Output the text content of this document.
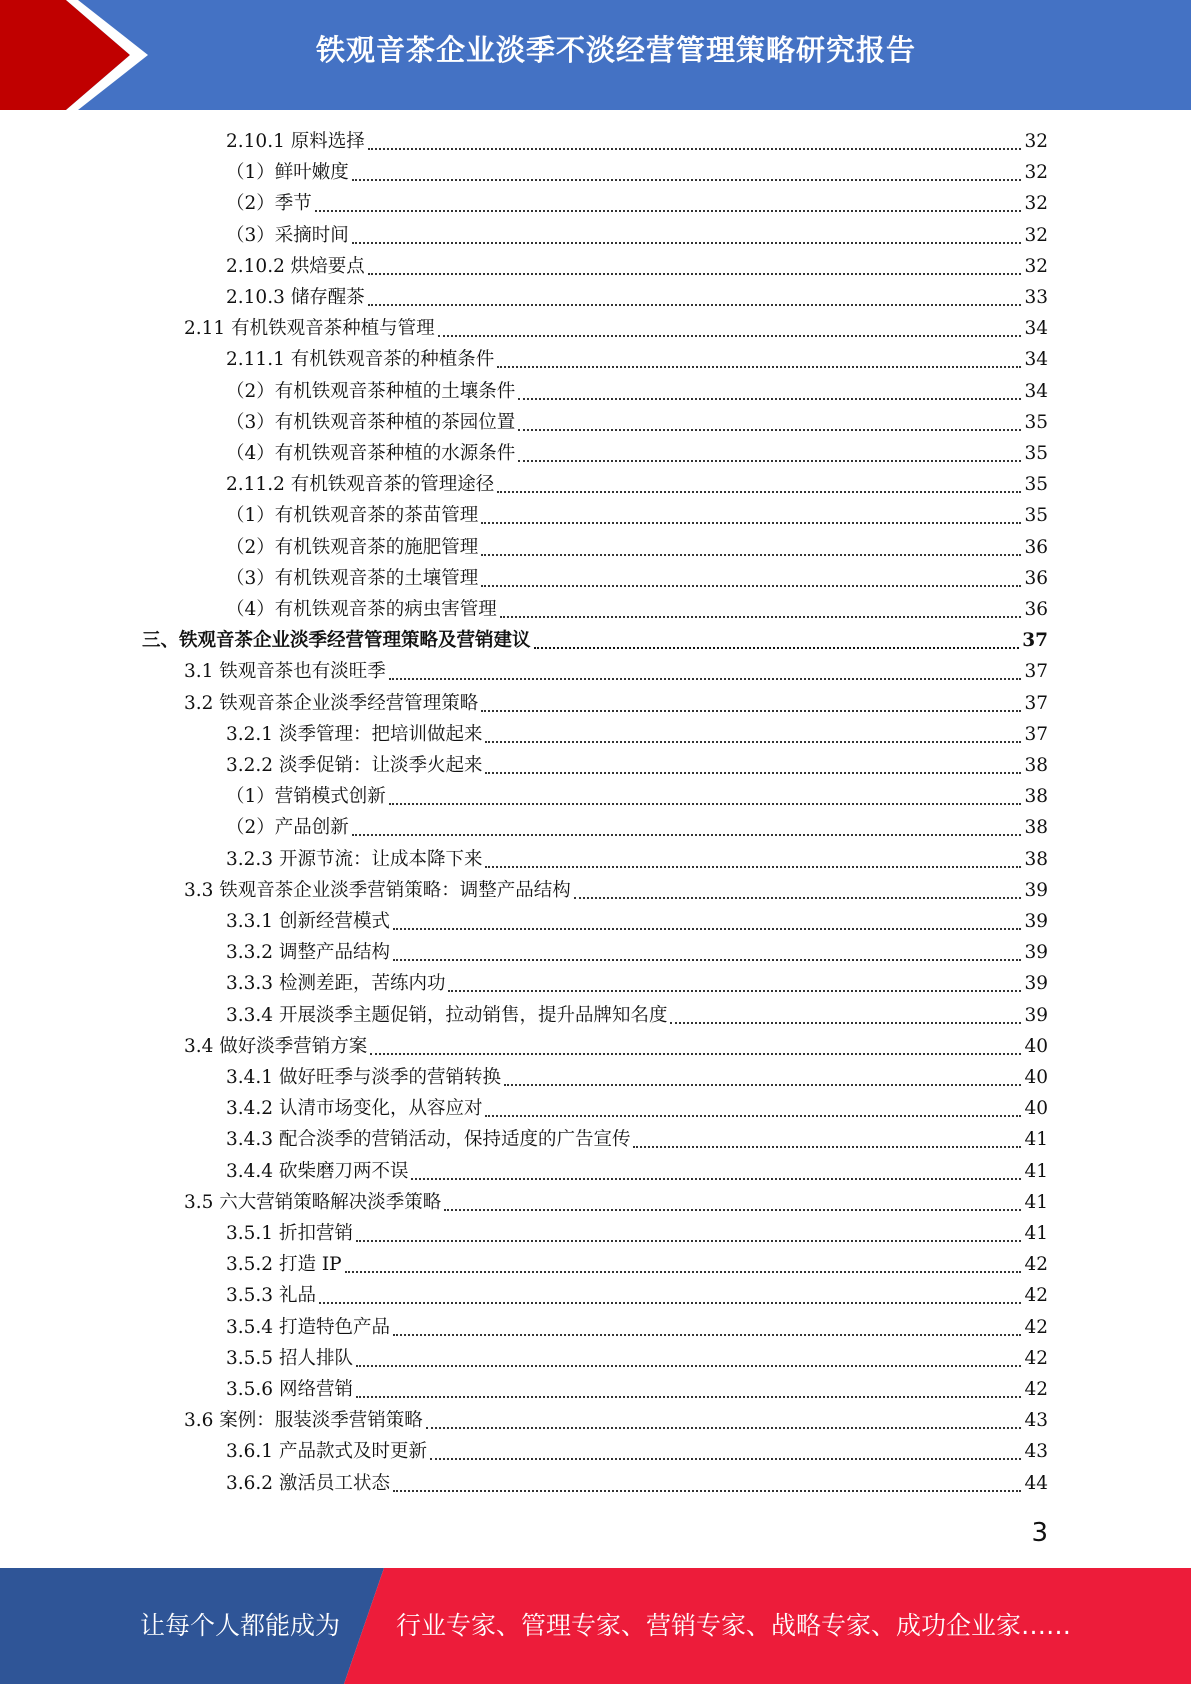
铁观音茶企业淡季不淡经营管理策略研究报告
2.10.1 原料选择	32
（1）鲜叶嫩度	32
（2）季节	32
（3）采摘时间	32
2.10.2 烘焙要点	32
2.10.3 储存醒茶	33
2.11 有机铁观音茶种植与管理	34
2.11.1 有机铁观音茶的种植条件	34
（2）有机铁观音茶种植的土壤条件	34
（3）有机铁观音茶种植的茶园位置	35
（4）有机铁观音茶种植的水源条件	35
2.11.2 有机铁观音茶的管理途径	35
（1）有机铁观音茶的茶苗管理	35
（2）有机铁观音茶的施肥管理	36
（3）有机铁观音茶的土壤管理	36
（4）有机铁观音茶的病虫害管理	36
三、铁观音茶企业淡季经营管理策略及营销建议	37
3.1 铁观音茶也有淡旺季	37
3.2 铁观音茶企业淡季经营管理策略	37
3.2.1 淡季管理：把培训做起来	37
3.2.2 淡季促销：让淡季火起来	38
（1）营销模式创新	38
（2）产品创新	38
3.2.3 开源节流：让成本降下来	38
3.3 铁观音茶企业淡季营销策略：调整产品结构	39
3.3.1 创新经营模式	39
3.3.2 调整产品结构	39
3.3.3 检测差距，苦练内功	39
3.3.4 开展淡季主题促销，拉动销售，提升品牌知名度	39
3.4 做好淡季营销方案	40
3.4.1 做好旺季与淡季的营销转换	40
3.4.2 认清市场变化，从容应对	40
3.4.3 配合淡季的营销活动，保持适度的广告宣传	41
3.4.4 砍柴磨刀两不误	41
3.5 六大营销策略解决淡季策略	41
3.5.1 折扣营销	41
3.5.2 打造 IP	42
3.5.3 礼品	42
3.5.4 打造特色产品	42
3.5.5 招人排队	42
3.5.6 网络营销	42
3.6 案例：服装淡季营销策略	43
3.6.1 产品款式及时更新	43
3.6.2 激活员工状态	44
3
让每个人都能成为 行业专家、管理专家、营销专家、战略专家、成功企业家……
